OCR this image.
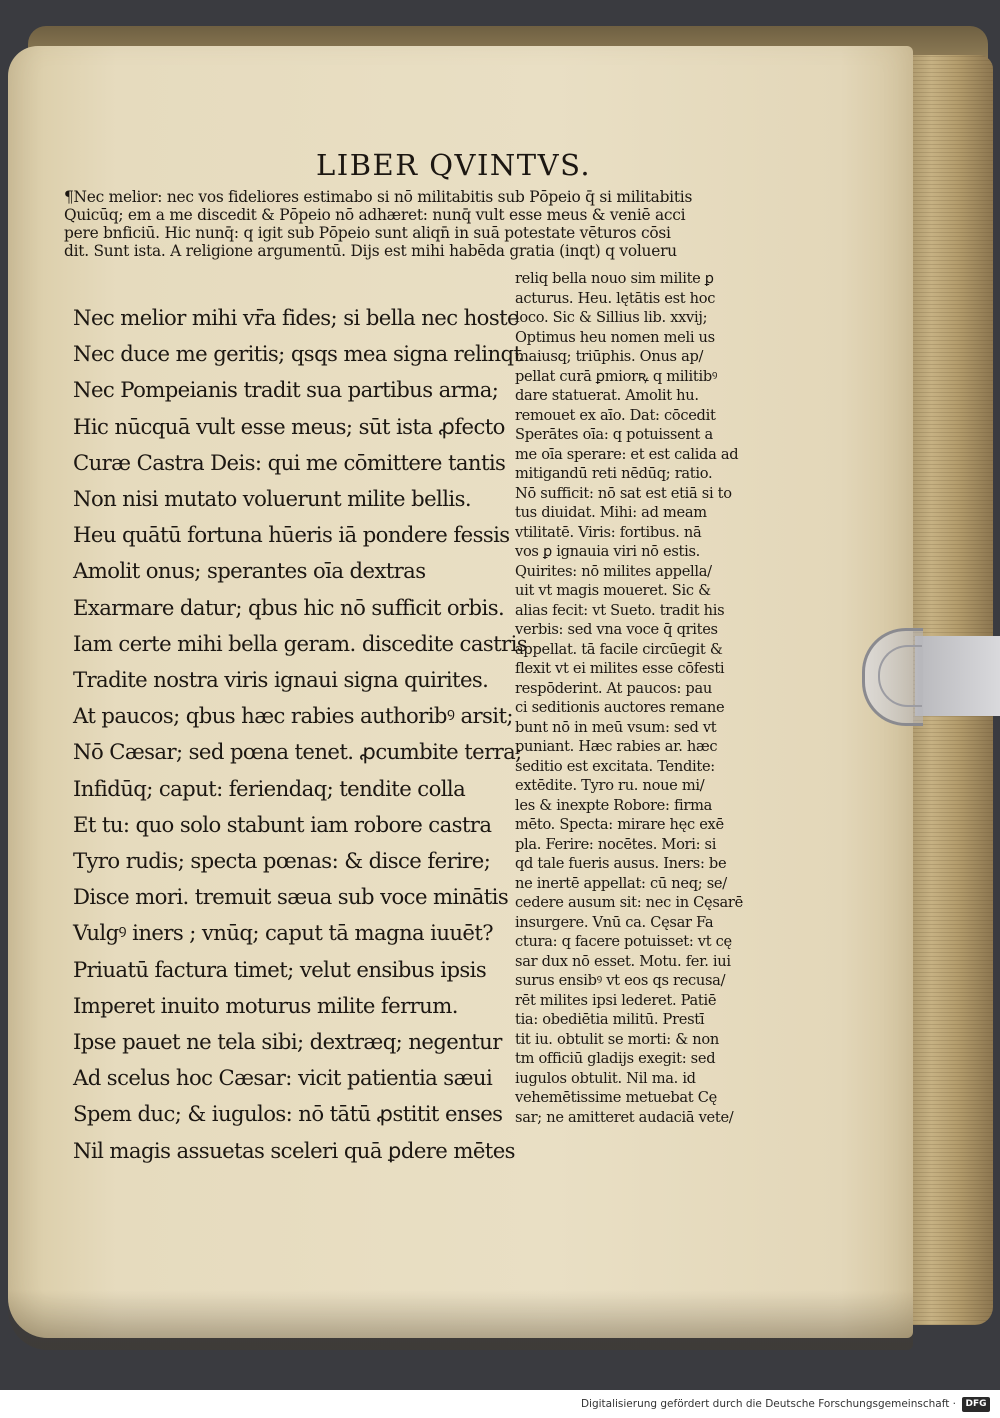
LIBER QVINTVS.
¶Nec melior: nec vos fideliores estimabo si nō militabitis sub Pōpeio q̄ si militabitis
Quicūq; em a me discedit & Pōpeio nō adhæret: nunq̄ vult esse meus & veniē acci
pere bnficiū. Hic nunq̄: q igit sub Pōpeio sunt aliqn̄ in suā potestate vēturos cōsi
dit. Sunt ista. A religione argumentū. Dijs est mihi habēda gratia (inqt) q volueru
Nec melior mihi vr̄a fides; si bella nec hoste
Nec duce me geritis; qsqs mea signa relinqt
Nec Pompeianis tradit sua partibus arma;
Hic nūcquā vult esse meus; sūt ista ꝓfecto
Curæ Castra Deis: qui me cōmittere tantis
Non nisi mutato voluerunt milite bellis.
Heu quātū fortuna hūeris iā pondere fessis
Amolit onus; sperantes oīa dextras
Exarmare datur; qbus hic nō sufficit orbis.
Iam certe mihi bella geram. discedite castris
Tradite nostra viris ignaui signa quirites.
At paucos; qbus hæc rabies authoribꝰ arsit;
Nō Cæsar; sed pœna tenet. ꝓcumbite terra;
Infidūq; caput: feriendaq; tendite colla
Et tu: quo solo stabunt iam robore castra
Tyro rudis; specta pœnas: & disce ferire;
Disce mori. tremuit sæua sub voce minātis
Vulgꝰ iners ; vnūq; caput tā magna iuuēt?
Priuatū factura timet; velut ensibus ipsis
Imperet inuito moturus milite ferrum.
Ipse pauet ne tela sibi; dextræq; negentur
Ad scelus hoc Cæsar: vicit patientia sæui
Spem duc; & iugulos: nō tātū ꝓstitit enses
Nil magis assuetas sceleri quā ꝑdere mētes
reliq bella nouo sim milite ꝑ
acturus. Heu. lętātis est hoc
loco. Sic & Sillius lib. xxvij;
Optimus heu nomen meli us
maiusq; triūphis. Onus ap/
pellat curā ꝑmiorꝶ q militibꝰ
dare statuerat. Amolit hu.
remouet ex aīo. Dat: cōcedit
Sperātes oīa: q potuissent a
me oīa sperare: et est calida ad
mitigandū reti nēdūq; ratio.
Nō sufficit: nō sat est etiā si to
tus diuidat. Mihi: ad meam
vtilitatē. Viris: fortibus. nā
vos ꝑ ignauia viri nō estis.
Quirites: nō milites appella/
uit vt magis moueret. Sic &
alias fecit: vt Sueto. tradit his
verbis: sed vna voce q̄ qrites
appellat. tā facile circūegit &
flexit vt ei milites esse cōfesti
respōderint. At paucos: pau
ci seditionis auctores remane
bunt nō in meū vsum: sed vt
puniant. Hæc rabies ar. hæc
seditio est excitata. Tendite:
extēdite. Tyro ru. noue mi/
les & inexpte Robore: firma
mēto. Specta: mirare hęc exē
pla. Ferire: nocētes. Mori: si
qd tale fueris ausus. Iners: be
ne inertē appellat: cū neq; se/
cedere ausum sit: nec in Cęsarē
insurgere. Vnū ca. Cęsar Fa
ctura: q facere potuisset: vt cę
sar dux nō esset. Motu. fer. iui
surus ensibꝰ vt eos qs recusa/
rēt milites ipsi lederet. Patiē
tia: obediētia militū. Prestī
tit iu. obtulit se morti: & non
tm officiū gladijs exegit: sed
iugulos obtulit. Nil ma. id
vehemētissime metuebat Cę
sar; ne amitteret audaciā vete/
Digitalisierung gefördert durch die Deutsche Forschungsgemeinschaft ·	DFG
